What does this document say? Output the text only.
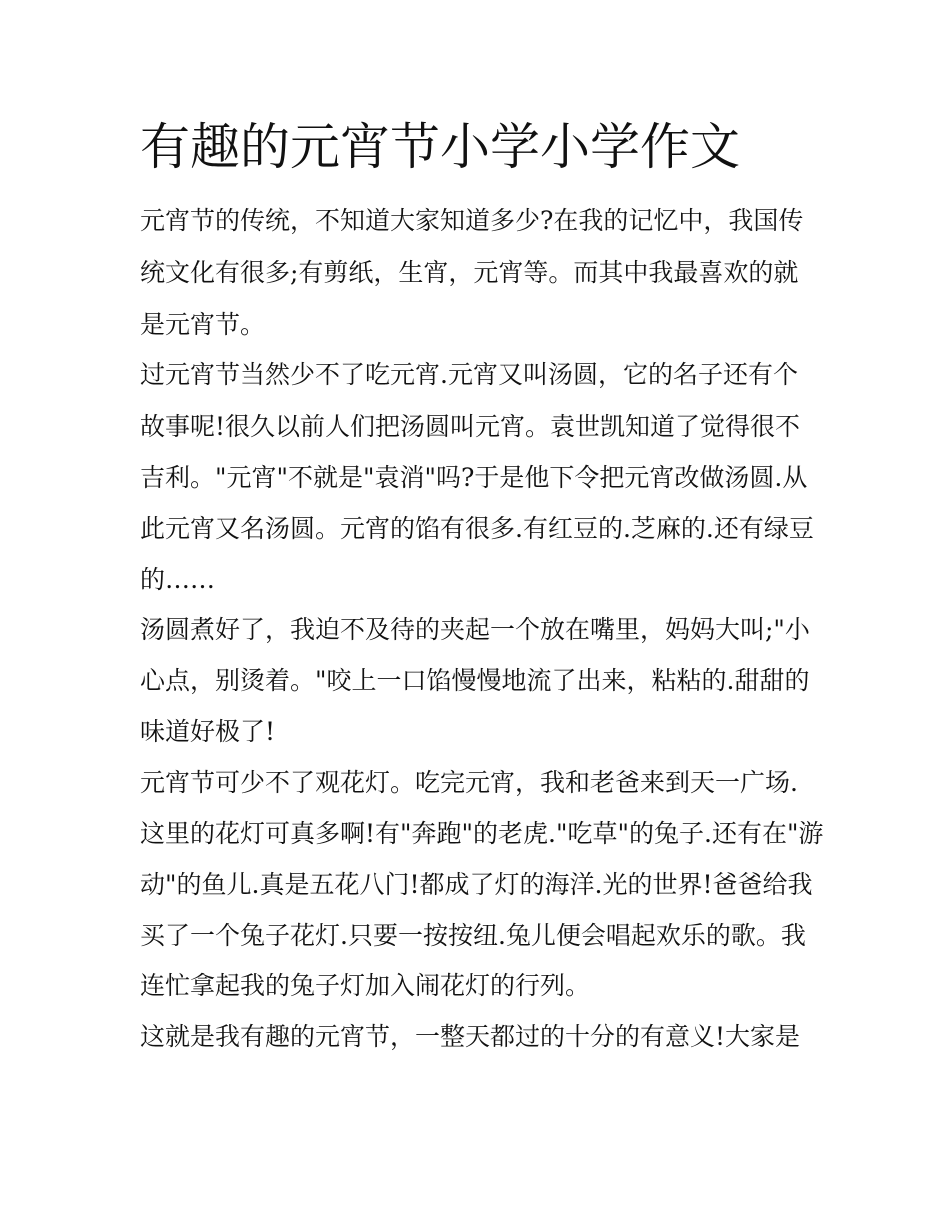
有趣的元宵节小学小学作文

元宵节的传统，不知道大家知道多少?在我的记忆中，我国传

统文化有很多;有剪纸，生宵，元宵等。而其中我最喜欢的就

是元宵节。

过元宵节当然少不了吃元宵.元宵又叫汤圆，它的名子还有个

故事呢!很久以前人们把汤圆叫元宵。袁世凯知道了觉得很不

吉利。"元宵"不就是"袁消"吗?于是他下令把元宵改做汤圆.从

此元宵又名汤圆。元宵的馅有很多.有红豆的.芝麻的.还有绿豆

的……

汤圆煮好了，我迫不及待的夹起一个放在嘴里，妈妈大叫;"小

心点，别烫着。"咬上一口馅慢慢地流了出来，粘粘的.甜甜的

味道好极了!

元宵节可少不了观花灯。吃完元宵，我和老爸来到天一广场.

这里的花灯可真多啊!有"奔跑"的老虎."吃草"的兔子.还有在"游

动"的鱼儿.真是五花八门!都成了灯的海洋.光的世界!爸爸给我

买了一个兔子花灯.只要一按按纽.兔儿便会唱起欢乐的歌。我

连忙拿起我的兔子灯加入闹花灯的行列。

这就是我有趣的元宵节，一整天都过的十分的有意义!大家是
